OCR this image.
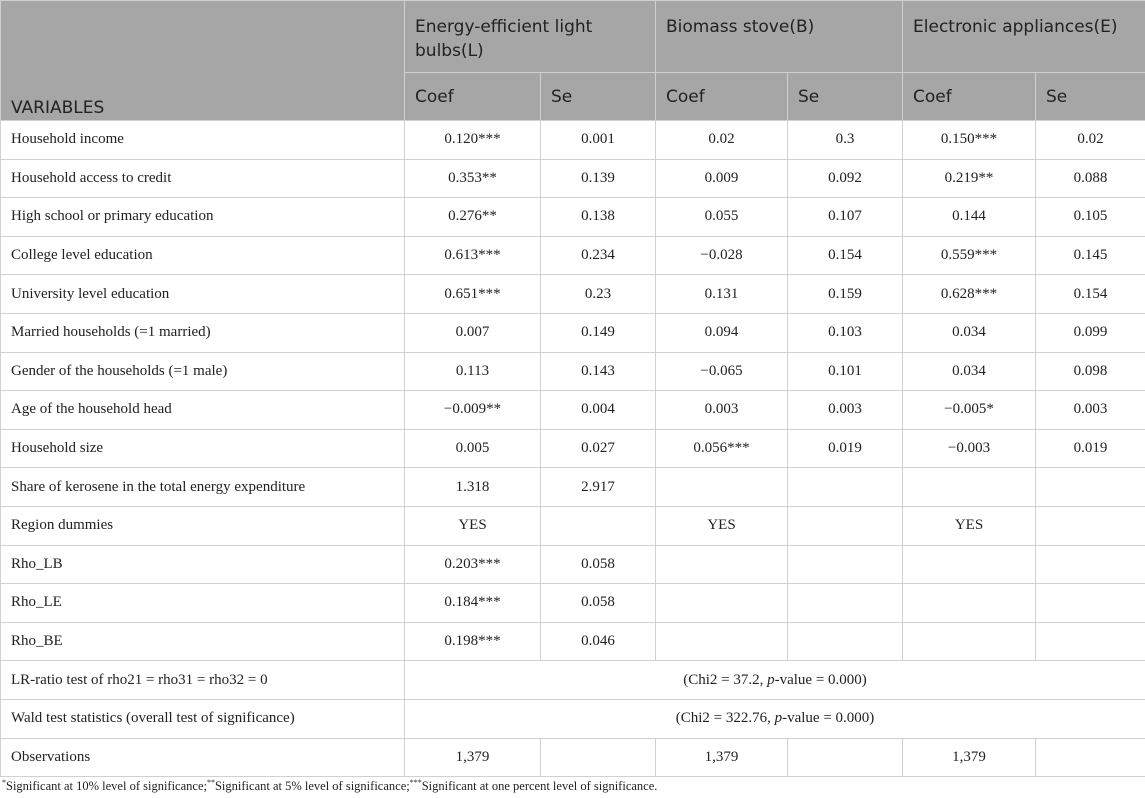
VARIABLES	Energy-efficient light bulbs(L)		Biomass stove(B)		Electronic appliances(E)	
	Coef	Se	Coef	Se	Coef	Se
Household income	0.120***	0.001	0.02	0.3	0.150***	0.02
Household access to credit	0.353**	0.139	0.009	0.092	0.219**	0.088
High school or primary education	0.276**	0.138	0.055	0.107	0.144	0.105
College level education	0.613***	0.234	−0.028	0.154	0.559***	0.145
University level education	0.651***	0.23	0.131	0.159	0.628***	0.154
Married households (=1 married)	0.007	0.149	0.094	0.103	0.034	0.099
Gender of the households (=1 male)	0.113	0.143	−0.065	0.101	0.034	0.098
Age of the household head	−0.009**	0.004	0.003	0.003	−0.005*	0.003
Household size	0.005	0.027	0.056***	0.019	−0.003	0.019
Share of kerosene in the total energy expenditure	1.318	2.917				
Region dummies	YES		YES		YES	
Rho_LB	0.203***	0.058				
Rho_LE	0.184***	0.058				
Rho_BE	0.198***	0.046				
LR-ratio test of rho21 = rho31 = rho32 = 0	(Chi2 = 37.2, p-value = 0.000)					
Wald test statistics (overall test of significance)	(Chi2 = 322.76, p-value = 0.000)					
Observations	1,379		1,379		1,379	
*Significant at 10% level of significance;**Significant at 5% level of significance;***Significant at one percent level of significance.
